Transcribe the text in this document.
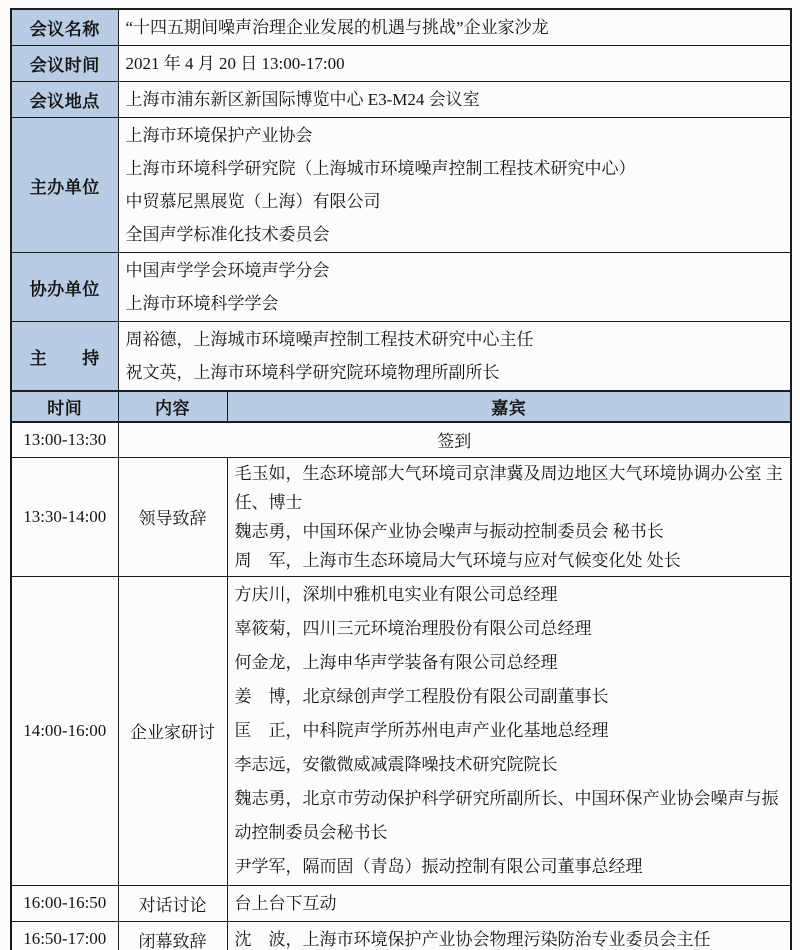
会议名称	“十四五期间噪声治理企业发展的机遇与挑战”企业家沙龙	

会议时间	2021 年 4 月 20 日 13:00-17:00	

会议地点	上海市浦东新区新国际博览中心 E3-M24 会议室	

主办单位	上海市环境保护产业协会
上海市环境科学研究院（上海城市环境噪声控制工程技术研究中心）
中贸慕尼黑展览（上海）有限公司
全国声学标准化技术委员会	

协办单位	中国声学学会环境声学分会
上海市环境科学学会	

主　　持	周裕德，上海城市环境噪声控制工程技术研究中心主任
祝文英，上海市环境科学研究院环境物理所副所长	

时间	内容	嘉宾
13:00-13:30	签到	
13:30-14:00	领导致辞	毛玉如，生态环境部大气环境司京津冀及周边地区大气环境协调办公室 主任、博士
魏志勇，中国环保产业协会噪声与振动控制委员会 秘书长
周　军，上海市生态环境局大气环境与应对气候变化处 处长

14:00-16:00	企业家研讨	
方庆川，深圳中雅机电实业有限公司总经理
辜筱菊，四川三元环境治理股份有限公司总经理
何金龙，上海申华声学装备有限公司总经理
姜　博，北京绿创声学工程股份有限公司副董事长
匡　正，中科院声学所苏州电声产业化基地总经理
李志远，安徽微威减震降噪技术研究院院长
魏志勇，北京市劳动保护科学研究所副所长、中国环保产业协会噪声与振动控制委员会秘书长
尹学军，隔而固（青岛）振动控制有限公司董事总经理

16:00-16:50	对话讨论	台上台下互动

16:50-17:00	闭幕致辞	沈　波，上海市环境保护产业协会物理污染防治专业委员会主任
